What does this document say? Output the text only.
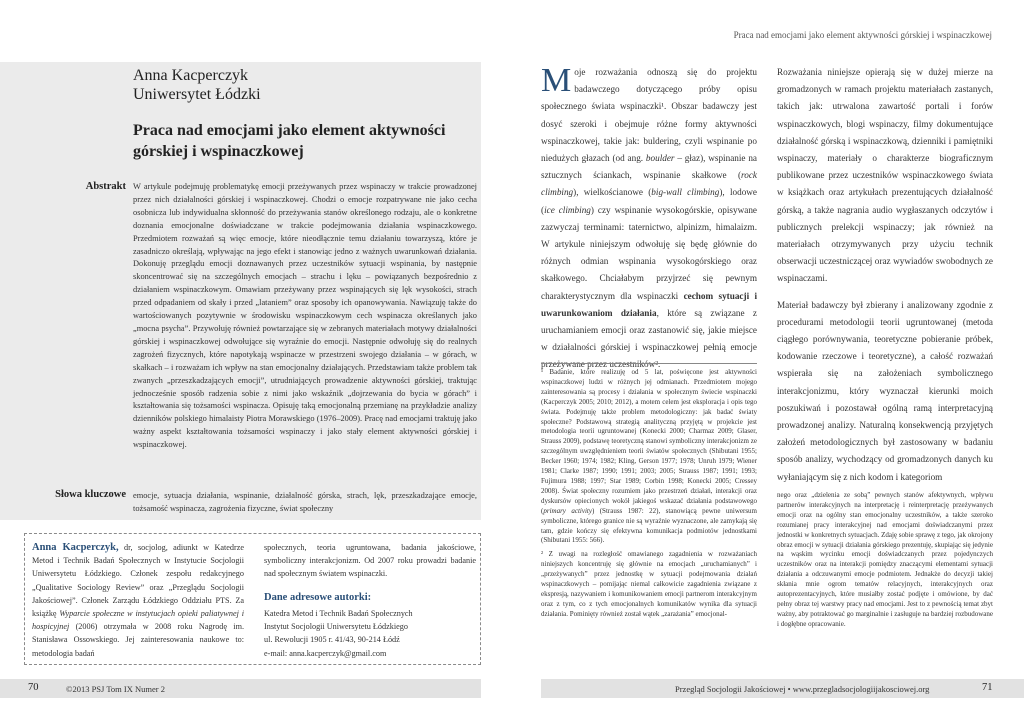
Praca nad emocjami jako element aktywności górskiej i wspinaczkowej
Anna Kacperczyk
Uniwersytet Łódzki
Praca nad emocjami jako element aktywności górskiej i wspinaczkowej
Abstrakt W artykule podejmuję problematykę emocji przeżywanych przez wspinaczy w trakcie prowadzonej przez nich działalności górskiej i wspinaczkowej. Chodzi o emocje rozpatrywane nie jako cecha osobnicza lub indywidualna skłonność do przeżywania stanów określonego rodzaju, ale o konkretne doznania emocjonalne doświadczane w trakcie podejmowania działania wspinaczkowego. Przedmiotem rozważań są więc emocje, które nieodłącznie temu działaniu towarzyszą, które je zasadniczo określają, wpływając na jego efekt i stanowiąc jedno z ważnych uwarunkowań działania. Dokonuję przeglądu emocji doznawanych przez uczestników sytuacji wspinania, by następnie skoncentrować się na szczególnych emocjach – strachu i lęku – powiązanych bezpośrednio z działaniem wspinaczkowym. Omawiam przeżywany przez wspinających się lęk wysokości, strach przed odpadaniem od skały i przed „lataniem” oraz sposoby ich opanowywania. Nawiązuję także do wartościowanych pozytywnie w środowisku wspinaczkowym cech wspinacza określanych jako „mocna psycha”. Przywołuję również powtarzające się w zebranych materiałach motywy działalności górskiej i wspinaczkowej odwołujące się wyraźnie do emocji. Następnie odwołuję się do realnych zagrożeń fizycznych, które napotykają wspinacze w przestrzeni swojego działania – w górach, w skałkach – i rozważam ich wpływ na stan emocjonalny działających. Przedstawiam także problem tak zwanych „przeszkadzających emocji”, utrudniających prowadzenie aktywności górskiej, traktując jednocześnie sposób radzenia sobie z nimi jako wskaźnik „dojrzewania do bycia w górach” i kształtowania się tożsamości wspinacza. Opisuję taką emocjonalną przemianę na przykładzie analizy dzienników polskiego himalaisty Piotra Morawskiego (1976–2009). Pracę nad emocjami traktuję jako ważny aspekt kształtowania tożsamości wspinaczy i jako stały element aktywności górskiej i wspinaczkowej.
Słowa kluczowe emocje, sytuacja działania, wspinanie, działalność górska, strach, lęk, przeszkadzające emocje, tożsamość wspinacza, zagrożenia fizyczne, świat społeczny
Anna Kacperczyk, dr, socjolog, adiunkt w Katedrze Metod i Technik Badań Społecznych w Instytucie Socjologii Uniwersytetu Łódzkiego. Członek zespołu redakcyjnego „Qualitative Sociology Review” oraz „Przeglądu Socjologii Jakościowej”. Członek Zarządu Łódzkiego Oddziału PTS. Za książkę Wyparcie społeczne w instytucjach opieki paliatywnej i hospicyjnej (2006) otrzymała w 2008 roku Nagrodę im. Stanisława Ossowskiego. Jej zainteresowania naukowe to: metodologia badań
społecznych, teoria ugruntowana, badania jakościowe, symboliczny interakcjonizm. Od 2007 roku prowadzi badanie nad społecznym światem wspinaczki.
Dane adresowe autorki:
Katedra Metod i Technik Badań Społecznych
Instytut Socjologii Uniwersytetu Łódzkiego
ul. Rewolucji 1905 r. 41/43, 90-214 Łódź
e-mail: anna.kacperczyk@gmail.com
Moje rozważania odnoszą się do projektu badawczego dotyczącego próby opisu społecznego świata wspinaczki¹. Obszar badawczy jest dosyć szeroki i obejmuje różne formy aktywności wspinaczkowej, takie jak: buldering, czyli wspinanie po niedużych głazach (od ang. boulder – głaz), wspinanie na sztucznych ściankach, wspinanie skałkowe (rock climbing), wielkościanowe (big-wall climbing), lodowe (ice climbing) czy wspinanie wysokogórskie, opisywane zazwyczaj terminami: taternictwo, alpinizm, himalaizm. W artykule niniejszym odwołuję się będę głównie do różnych odmian wspinania wysokogórskiego oraz skałkowego. Chciałabym przyjrzeć się pewnym charakterystycznym dla wspinaczki cechom sytuacji i uwarunkowaniom działania, które są związane z uruchamianiem emocji oraz zastanowić się, jakie miejsce w działalności górskiej i wspinaczkowej pełnią emocje przeżywane przez uczestników².

¹ Badanie, które realizuję od 5 lat, poświęcone jest aktywności wspinaczkowej ludzi w różnych jej odmianach. Przedmiotem mojego zainteresowania są procesy i działania w społecznym świecie wspinaczki (Kacperczyk 2005; 2010; 2012), a motem celem jest eksploracja i opis tego świata. Podejmuję także problem metodologiczny: jak badać światy społeczne? Podstawową strategią analityczną przyjętą w projekcie jest metodologia teorii ugruntowanej (Konecki 2000; Charmaz 2009; Glaser, Strauss 2009), podstawę teoretyczną stanowi symboliczny interakcjonizm ze szczególnym uwzględnieniem teorii światów społecznych (Shibutani 1955; Becker 1960; 1974; 1982; Kling, Gerson 1977; 1978; Unruh 1979; Wiener 1981; Clarke 1987; 1990; 1991; 2003; 2005; Strauss 1987; 1991; 1993; Fujimura 1988; 1997; Star 1989; Corbin 1998; Konecki 2005; Cressey 2008). Świat społeczny rozumiem jako przestrzeń działań, interakcji oraz dyskursów opiecionych wokół jakiegoś wskazać działania podstawowego (primary activity) (Strauss 1987: 22), stanowiącą pewne uniwersum symboliczne, którego granice nie są wyraźnie wyznaczone, ale zamykają się tam, gdzie kończy się efektywna komunikacja podmiotów jednostkami (Shibutani 1955: 566).

² Z uwagi na rozległość omawianego zagadnienia w rozważaniach niniejszych koncentruję się głównie na emocjach „uruchamianych” i „przeżywanych” przez jednostkę w sytuacji podejmowania działań wspinaczkowych – pomijając niemal całkowicie zagadnienia związane z ekspresją, nazywaniem i komunikowaniem emocji partnerom interakcyjnym oraz z tym, co z tych emocjonalnych komunikatów wynika dla sytuacji działania. Pominięty również został wątek „zarażania” emocjonal-

Rozważania niniejsze opierają się w dużej mierze na gromadzonych w ramach projektu materiałach zastanych, takich jak: utrwalona zawartość portali i forów wspinaczkowych, blogi wspinaczy, filmy dokumentujące działalność górską i wspinaczkową, dzienniki i pamiętniki wspinaczy, materiały o charakterze biograficznym publikowane przez uczestników wspinaczkowego świata w książkach oraz artykułach prezentujących działalność górską, a także nagrania audio wygłaszanych odczytów i publicznych prelekcji wspinaczy; jak również na materiałach otrzymywanych przy użyciu technik obserwacji uczestniczącej oraz wywiadów swobodnych ze wspinaczami.

Materiał badawczy był zbierany i analizowany zgodnie z procedurami metodologii teorii ugruntowanej (metoda ciągłego porównywania, teoretyczne pobieranie próbek, kodowanie rzeczowe i teoretyczne), a całość rozważań wspierała się na założeniach symbolicznego interakcjonizmu, który wyznaczał kierunki moich poszukiwań i pozostawał ogólną ramą interpretacyjną prowadzonej analizy. Naturalną konsekwencją przyjętych założeń metodologicznych był zastosowany w badaniu sposób analizy, wychodzący od gromadzonych danych ku wyłaniającym się z nich kodom i kategoriom

nego oraz „dzielenia ze sobą” pewnych stanów afektywnych, wpływu partnerów interakcyjnych na interpretację i reinterpretację przeżywanych emocji oraz na ogólny stan emocjonalny uczestników, a także szeroko rozumianej pracy interakcyjnej nad emocjami doświadczanymi przez jednostki w konkretnych sytuacjach. Zdaję sobie sprawę z tego, jak okrojony obraz emocji w sytuacji działania górskiego prezentuję, skupiając się jedynie na wąskim wycinku emocji doświadczanych przez pojedynczych uczestników oraz na interakcji pomiędzy znaczącymi elementami sytuacji działania a odczuwanymi emocje podmiotem. Jednakże do decyzji takiej skłania mnie ogrom tematów relacyjnych, interakcyjnych oraz autoprezentacyjnych, które musiałby zostać podjęte i omówione, by dać pełny obraz tej warstwy pracy nad emocjami. Jest to z pewnością temat zbyt ważny, aby potraktować go marginalnie i zasługuje na bardziej rozbudowane i dogłębne opracowanie.
70	©2013 PSJ Tom IX Numer 2	Przegląd Socjologii Jakościowej • www.przegladsocjologiijakosciowej.org	71
